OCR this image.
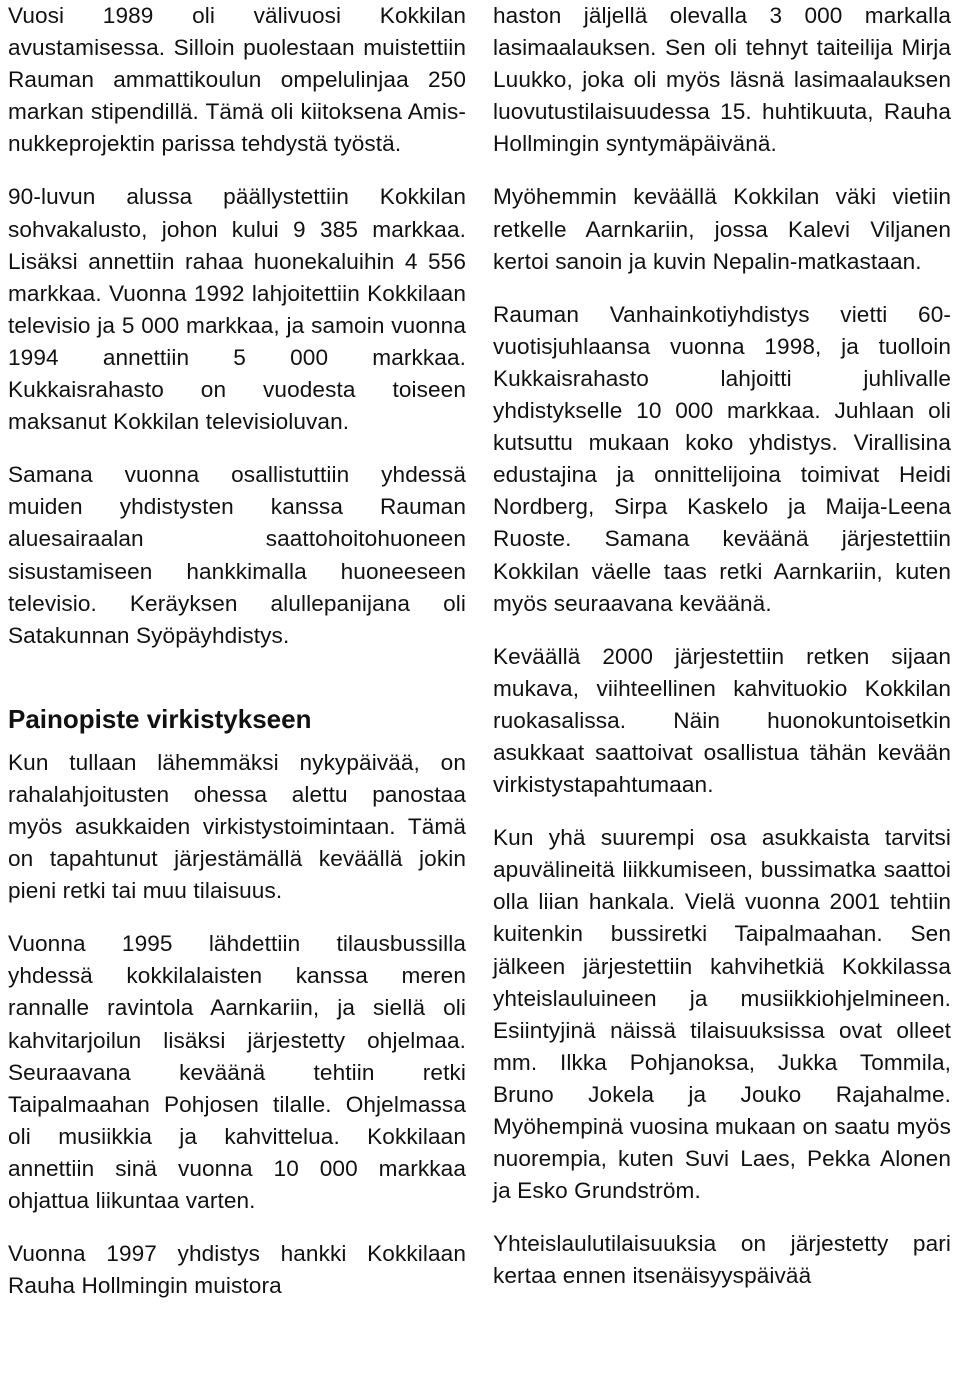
Vuosi 1989 oli välivuosi Kokkilan avustamisessa. Silloin puolestaan muistettiin Rauman ammattikoulun ompelulinjaa 250 markan stipendillä. Tämä oli kiitoksena Amis-nukkeprojektin parissa tehdystä työstä.

90-luvun alussa päällystettiin Kokkilan sohvakalusto, johon kului 9 385 markkaa. Lisäksi annettiin rahaa huonekaluihin 4 556 markkaa. Vuonna 1992 lahjoitettiin Kokkilaan televisio ja 5 000 markkaa, ja samoin vuonna 1994 annettiin 5 000 markkaa. Kukkaisrahasto on vuodesta toiseen maksanut Kokkilan televisioluvan.

Samana vuonna osallistuttiin yhdessä muiden yhdistysten kanssa Rauman aluesairaalan saattohoitohuoneen sisustamiseen hankkimalla huoneeseen televisio. Keräyksen alullepanijana oli Satakunnan Syöpäyhdistys.

Painopiste virkistykseen

Kun tullaan lähemmäksi nykypäivää, on rahalahjoitusten ohessa alettu panostaa myös asukkaiden virkistystoimintaan. Tämä on tapahtunut järjestämällä keväällä jokin pieni retki tai muu tilaisuus.

Vuonna 1995 lähdettiin tilausbussilla yhdessä kokkilalaisten kanssa meren rannalle ravintola Aarnkariin, ja siellä oli kahvitarjoilun lisäksi järjestetty ohjelmaa. Seuraavana keväänä tehtiin retki Taipalmaahan Pohjosen tilalle. Ohjelmassa oli musiikkia ja kahvittelua. Kokkilaan annettiin sinä vuonna 10 000 markkaa ohjattua liikuntaa varten.

Vuonna 1997 yhdistys hankki Kokkilaan Rauha Hollmingin muistora

haston jäljellä olevalla 3 000 markalla lasimaalauksen. Sen oli tehnyt taiteilija Mirja Luukko, joka oli myös läsnä lasimaalauksen luovutustilaisuudessa 15. huhtikuuta, Rauha Hollmingin syntymäpäivänä.

Myöhemmin keväällä Kokkilan väki vietiin retkelle Aarnkariin, jossa Kalevi Viljanen kertoi sanoin ja kuvin Nepalin-matkastaan.

Rauman Vanhainkotiyhdistys vietti 60-vuotisjuhlaansa vuonna 1998, ja tuolloin Kukkaisrahasto lahjoitti juhlivalle yhdistykselle 10 000 markkaa. Juhlaan oli kutsuttu mukaan koko yhdistys. Virallisina edustajina ja onnittelijoina toimivat Heidi Nordberg, Sirpa Kaskelo ja Maija-Leena Ruoste. Samana keväänä järjestettiin Kokkilan väelle taas retki Aarnkariin, kuten myös seuraavana keväänä.

Keväällä 2000 järjestettiin retken sijaan mukava, viihteellinen kahvituokio Kokkilan ruokasalissa. Näin huonokuntoisetkin asukkaat saattoivat osallistua tähän kevään virkistystapahtumaan.

Kun yhä suurempi osa asukkaista tarvitsi apuvälineitä liikkumiseen, bussimatka saattoi olla liian hankala. Vielä vuonna 2001 tehtiin kuitenkin bussiretki Taipalmaahan. Sen jälkeen järjestettiin kahvihetkiä Kokkilassa yhteislauluineen ja musiikkiohjelmineen. Esiintyjinä näissä tilaisuuksissa ovat olleet mm. Ilkka Pohjanoksa, Jukka Tommila, Bruno Jokela ja Jouko Rajahalme. Myöhempinä vuosina mukaan on saatu myös nuorempia, kuten Suvi Laes, Pekka Alonen ja Esko Grundström.

Yhteislaulutilaisuuksia on järjestetty pari kertaa ennen itsenäisyyspäivää
